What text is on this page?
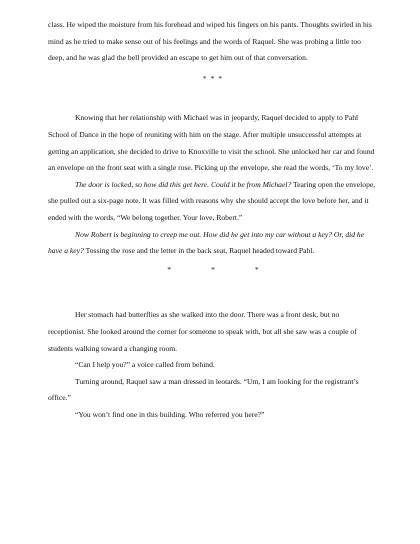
class. He wiped the moisture from his forehead and wiped his fingers on his pants. Thoughts swirled in his mind as he tried to make sense out of his feelings and the words of Raquel. She was probing a little too deep, and he was glad the bell provided an escape to get him out of that conversation.

* * *

Knowing that her relationship with Michael was in jeopardy, Raquel decided to apply to Pahl School of Dance in the hope of reuniting with him on the stage. After multiple unsuccessful attempts at getting an application, she decided to drive to Knoxville to visit the school. She unlocked her car and found an envelope on the front seat with a single rose. Picking up the envelope, she read the words, ‘To my love’.

The door is locked, so how did this get here. Could it be from Michael? Tearing open the envelope, she pulled out a six-page note. It was filled with reasons why she should accept the love before her, and it ended with the words, “We belong together. Your love, Robert.”

Now Robert is beginning to creep me out. How did he get into my car without a key? Or, did he have a key? Tossing the rose and the letter in the back seat, Raquel headed toward Pahl.

*	*	*

Her stomach had butterflies as she walked into the door. There was a front desk, but no receptionist. She looked around the corner for someone to speak with, but all she saw was a couple of students walking toward a changing room.

“Can I help you?” a voice called from behind.

Turning around, Raquel saw a man dressed in leotards. “Um, I am looking for the registrant’s office.”

“You won’t find one in this building. Who referred you here?”
